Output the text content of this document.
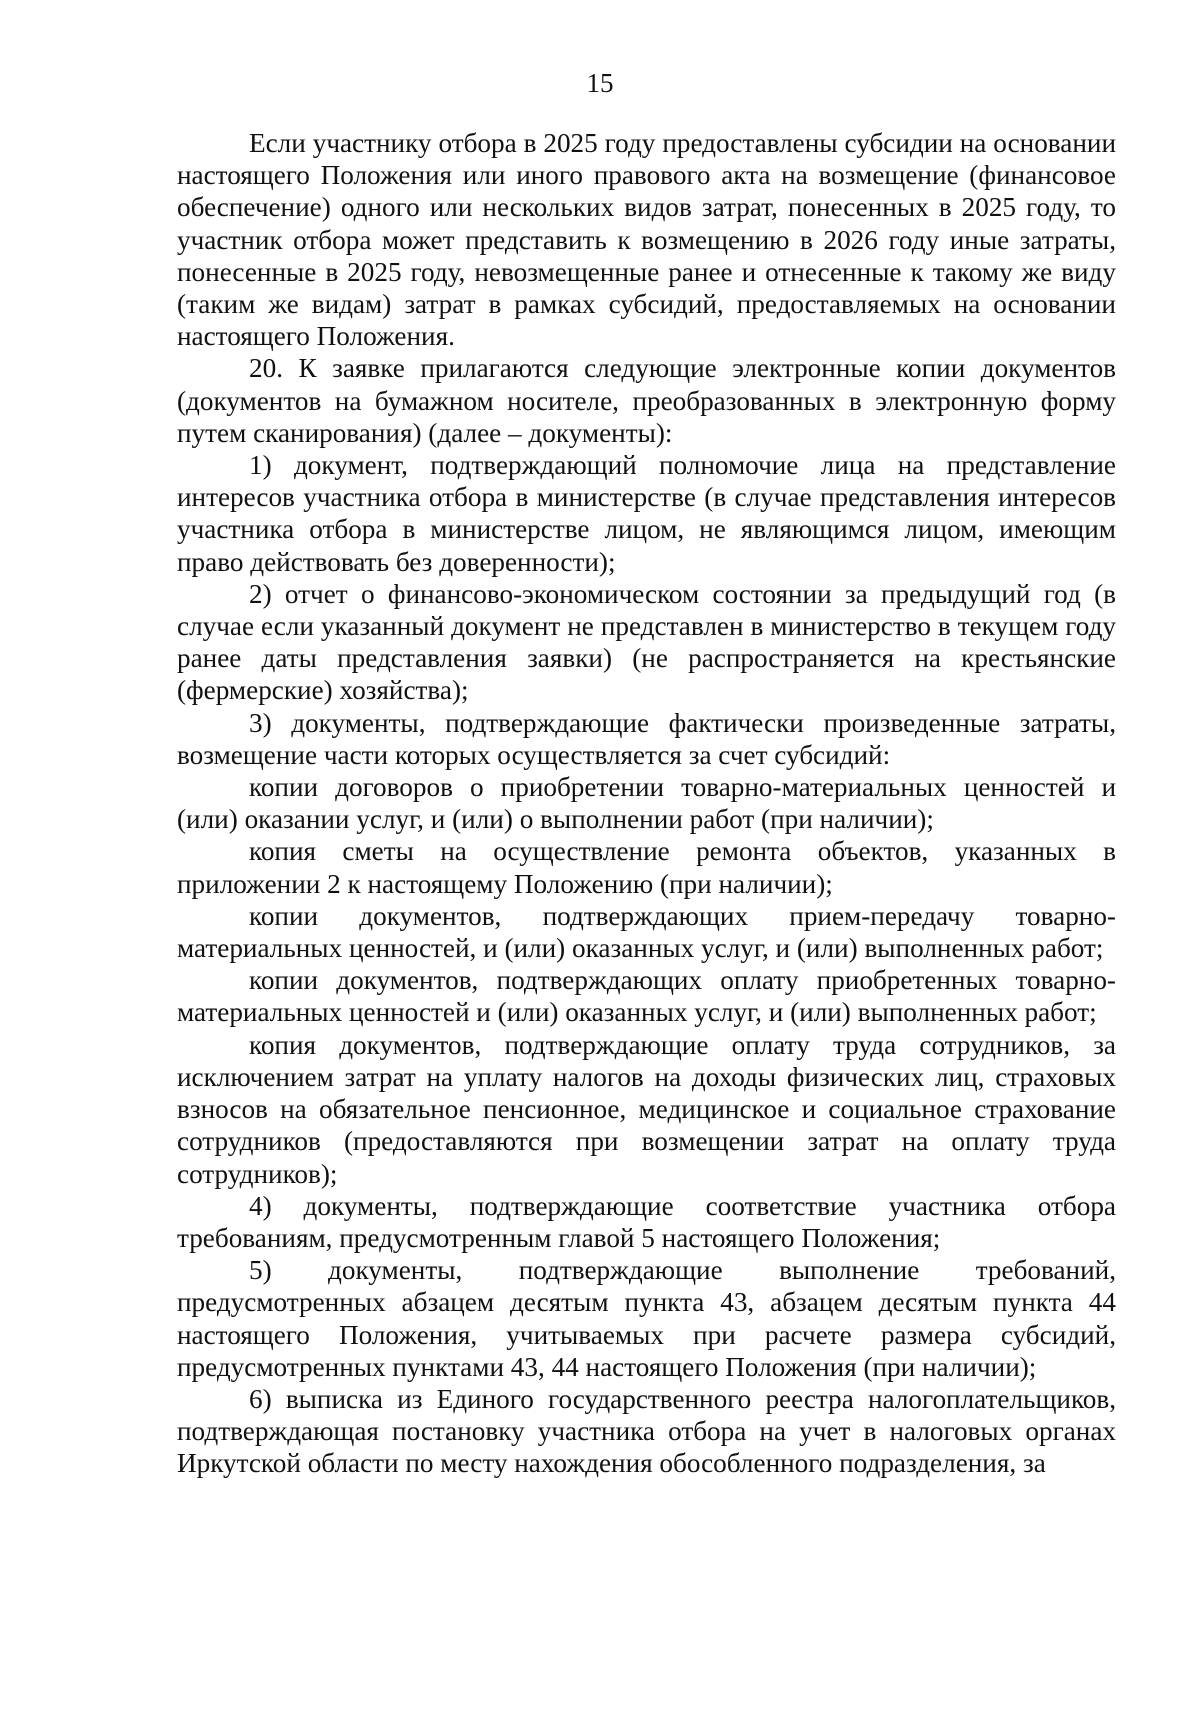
15

Если участнику отбора в 2025 году предоставлены субсидии на основании настоящего Положения или иного правового акта на возмещение (финансовое обеспечение) одного или нескольких видов затрат, понесенных в 2025 году, то участник отбора может представить к возмещению в 2026 году иные затраты, понесенные в 2025 году, невозмещенные ранее и отнесенные к такому же виду (таким же видам) затрат в рамках субсидий, предоставляемых на основании настоящего Положения.

20. К заявке прилагаются следующие электронные копии документов (документов на бумажном носителе, преобразованных в электронную форму путем сканирования) (далее – документы):

1) документ, подтверждающий полномочие лица на представление интересов участника отбора в министерстве (в случае представления интересов участника отбора в министерстве лицом, не являющимся лицом, имеющим право действовать без доверенности);

2) отчет о финансово-экономическом состоянии за предыдущий год (в случае если указанный документ не представлен в министерство в текущем году ранее даты представления заявки) (не распространяется на крестьянские (фермерские) хозяйства);

3) документы, подтверждающие фактически произведенные затраты, возмещение части которых осуществляется за счет субсидий:

копии договоров о приобретении товарно-материальных ценностей и (или) оказании услуг, и (или) о выполнении работ (при наличии);

копия сметы на осуществление ремонта объектов, указанных в приложении 2 к настоящему Положению (при наличии);

копии документов, подтверждающих прием-передачу товарно-материальных ценностей, и (или) оказанных услуг, и (или) выполненных работ;

копии документов, подтверждающих оплату приобретенных товарно-материальных ценностей и (или) оказанных услуг, и (или) выполненных работ;

копия документов, подтверждающие оплату труда сотрудников, за исключением затрат на уплату налогов на доходы физических лиц, страховых взносов на обязательное пенсионное, медицинское и социальное страхование сотрудников (предоставляются при возмещении затрат на оплату труда сотрудников);

4) документы, подтверждающие соответствие участника отбора требованиям, предусмотренным главой 5 настоящего Положения;

5) документы, подтверждающие выполнение требований, предусмотренных абзацем десятым пункта 43, абзацем десятым пункта 44 настоящего Положения, учитываемых при расчете размера субсидий, предусмотренных пунктами 43, 44 настоящего Положения (при наличии);

6) выписка из Единого государственного реестра налогоплательщиков, подтверждающая постановку участника отбора на учет в налоговых органах Иркутской области по месту нахождения обособленного подразделения, за
